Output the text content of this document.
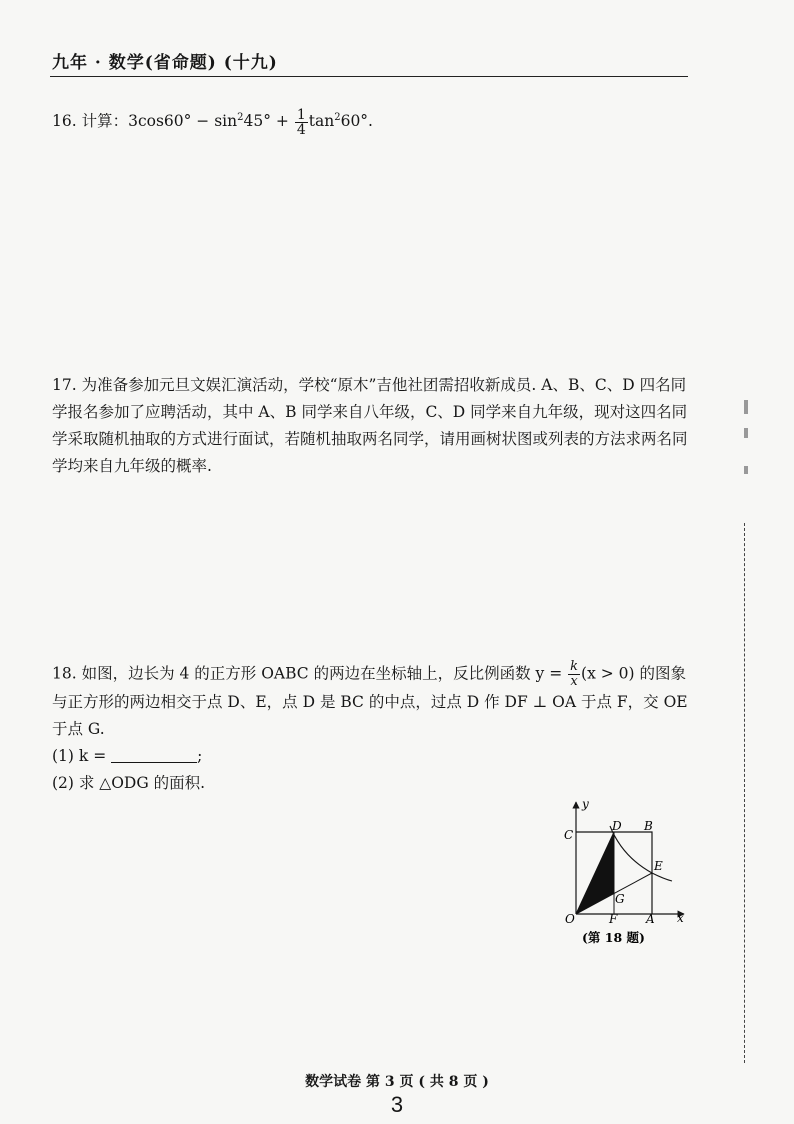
九年 · 数学(省命题) (十九)
16. 计算：$3\cos 60^\circ - \sin^245^\circ + \frac{1}{4} \tan^260^\circ$.
17. 为准备参加元旦文娱汇演活动，学校“原木”吉他社团需招收新成员. A、B、C、D 四名同学报名参加了应聘活动，其中 A、B 同学来自八年级，C、D 同学来自九年级，现对这四名同学采取随机抽取的方式进行面试，若随机抽取两名同学，请用画树状图或列表的方法求两名同学均来自九年级的概率.
18. 如图，边长为 4 的正方形 OABC 的两边在坐标轴上，反比例函数 $y = \frac{k}{x} (x > 0)$ 的图象与正方形的两边相交于点 D、E，点 D 是 BC 的中点，过点 D 作 DF ⊥ OA 于点 F，交 OE 于点 G.
(1) k =	;
(2) 求 △ODG 的面积.
y
x
C
D B
E
G
O	F A
(第 18 题)
数学试卷 第 3 页 ( 共 8 页 )
3
